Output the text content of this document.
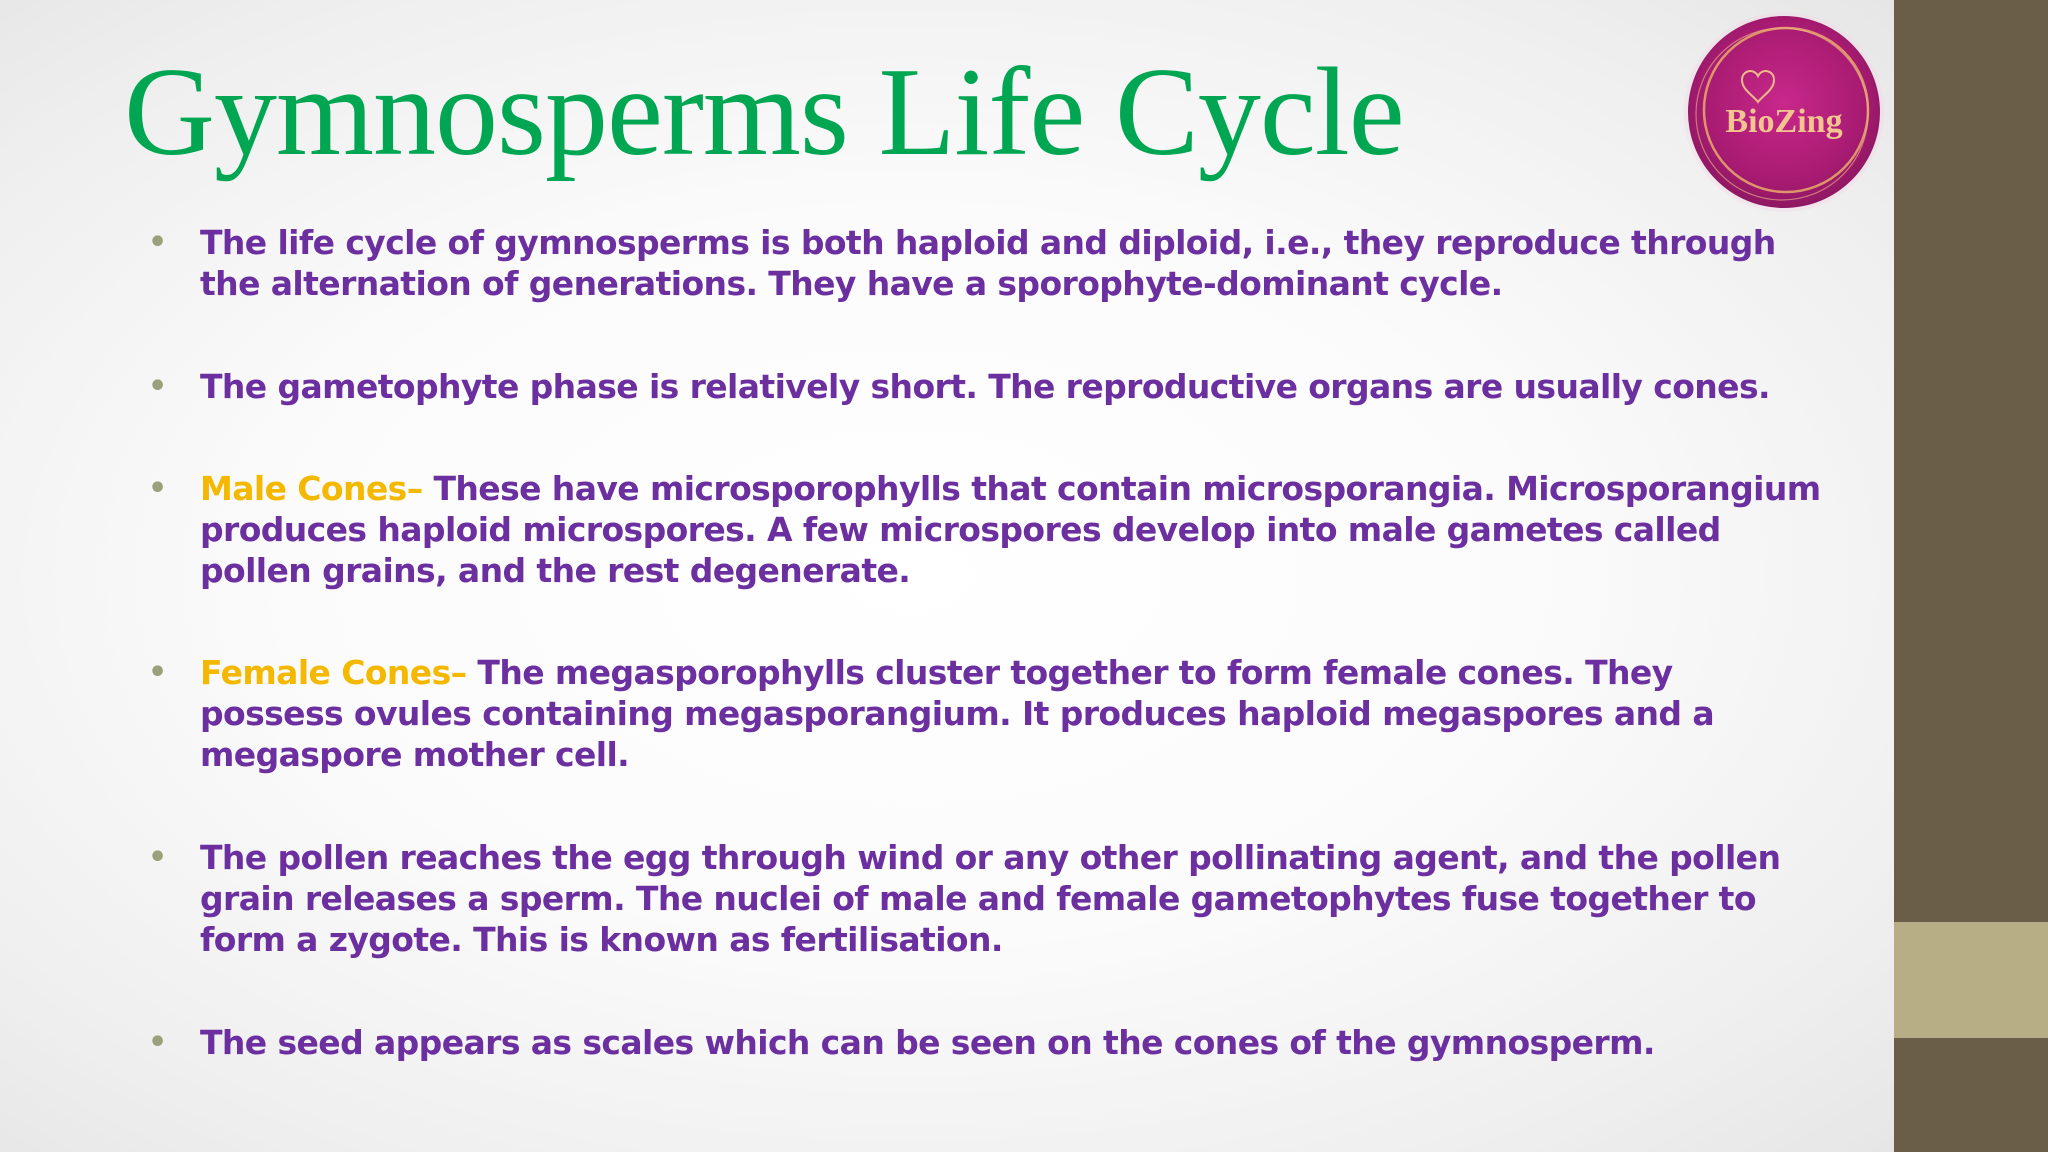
Gymnosperms Life Cycle	BioZing
• The life cycle of gymnosperms is both haploid and diploid, i.e., they reproduce through the alternation of generations. They have a sporophyte-dominant cycle.
• The gametophyte phase is relatively short. The reproductive organs are usually cones.
• Male Cones– These have microsporophylls that contain microsporangia. Microsporangium produces haploid microspores. A few microspores develop into male gametes called pollen grains, and the rest degenerate.
• Female Cones– The megasporophylls cluster together to form female cones. They possess ovules containing megasporangium. It produces haploid megaspores and a megaspore mother cell.
• The pollen reaches the egg through wind or any other pollinating agent, and the pollen grain releases a sperm. The nuclei of male and female gametophytes fuse together to form a zygote. This is known as fertilisation.
• The seed appears as scales which can be seen on the cones of the gymnosperm.
